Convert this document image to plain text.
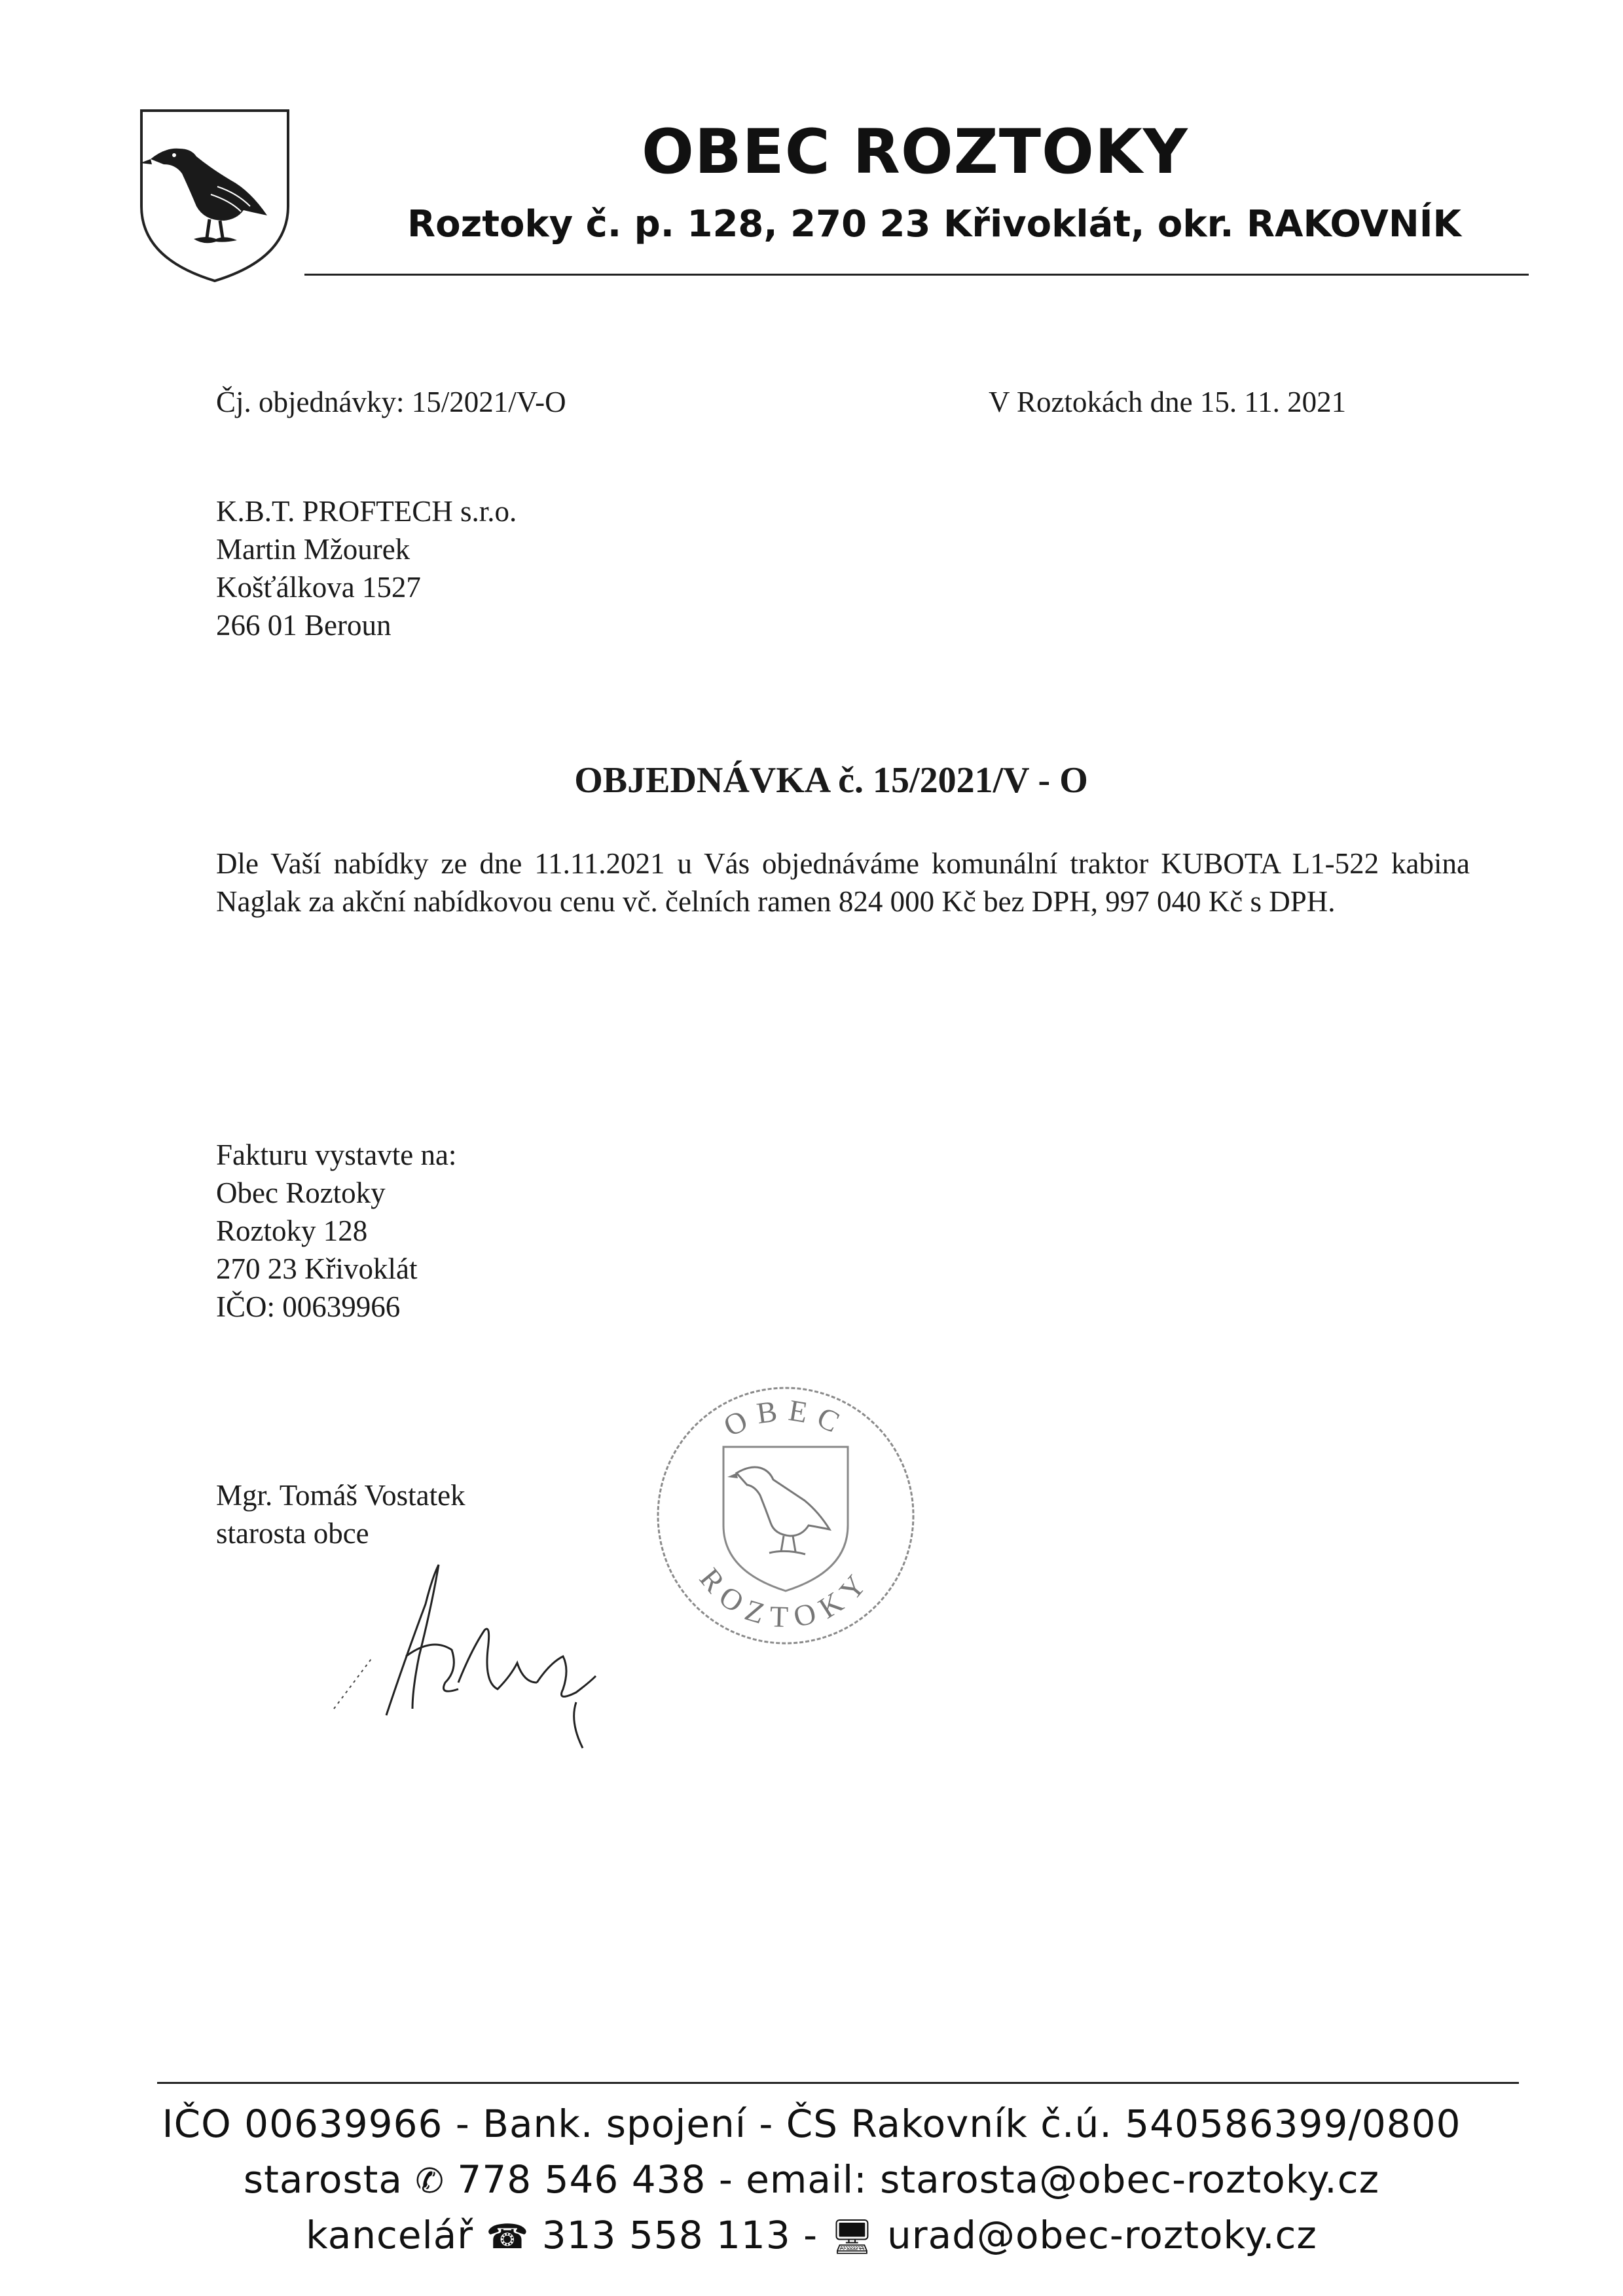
OBEC ROZTOKY
Roztoky č. p. 128, 270 23 Křivoklát, okr. RAKOVNÍK
Čj. objednávky: 15/2021/V-O	V Roztokách dne 15. 11. 2021
K.B.T. PROFTECH s.r.o.
Martin Mžourek
Košťálkova 1527
266 01 Beroun
OBJEDNÁVKA č. 15/2021/V - O

Dle Vaší nabídky ze dne 11.11.2021 u Vás objednáváme komunální traktor KUBOTA L1-522 kabina Naglak za akční nabídkovou cenu vč. čelních ramen 824 000 Kč bez DPH, 997 040 Kč s DPH.

Fakturu vystavte na:
Obec Roztoky
Roztoky 128
270 23 Křivoklát
IČO: 00639966
OBEC
ROZTOKY
Mgr. Tomáš Vostatek
starosta obce
IČO 00639966 - Bank. spojení - ČS Rakovník č.ú. 540586399/0800
starosta ✆ 778 546 438 - email: starosta@obec-roztoky.cz
kancelář ☎ 313 558 113 - 🖥 urad@obec-roztoky.cz
